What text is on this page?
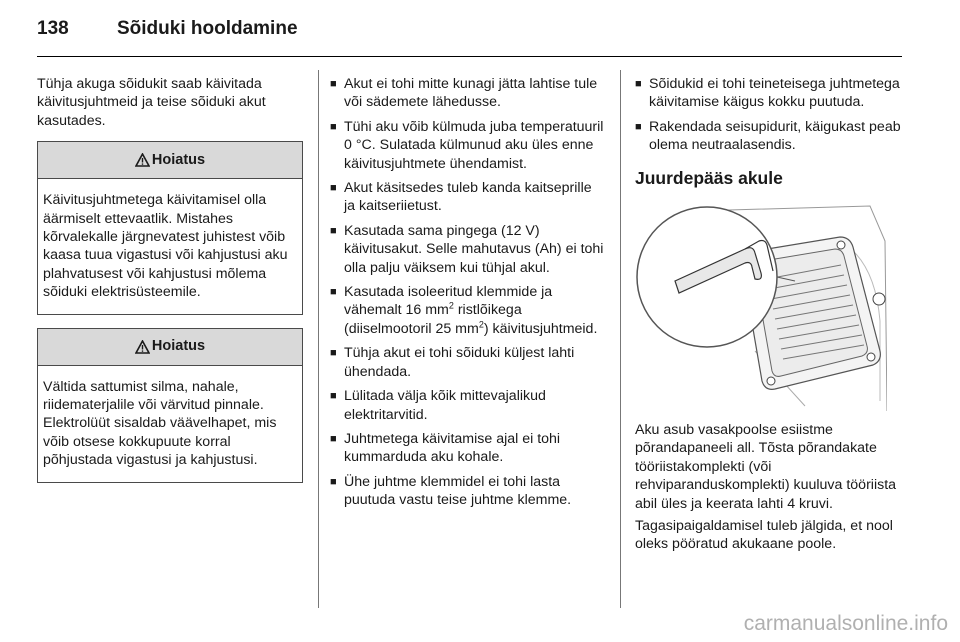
138	Sõiduki hooldamine

Tühja akuga sõidukit saab käivitada käivitusjuhtmeid ja teise sõiduki akut kasutades.

Hoiatus
Käivitusjuhtmetega käivitamisel olla äärmiselt ettevaatlik. Mistahes kõrvalekalle järgnevatest juhistest võib kaasa tuua vigastusi või kahjustusi aku plahvatusest või kahjustusi mõlema sõiduki elektrisüsteemile.
Hoiatus
Vältida sattumist silma, nahale, riidematerjalile või värvitud pinnale. Elektrolüüt sisaldab väävelhapet, mis võib otsese kokkupuute korral põhjustada vigastusi ja kahjustusi.
■ Akut ei tohi mitte kunagi jätta lahtise tule või sädemete lähedusse.
■ Tühi aku võib külmuda juba temperatuuril 0 °C. Sulatada külmunud aku üles enne käivitusjuhtmete ühendamist.
■ Akut käsitsedes tuleb kanda kaitseprille ja kaitseriietust.
■ Kasutada sama pingega (12 V) käivitusakut. Selle mahutavus (Ah) ei tohi olla palju väiksem kui tühjal akul.
■ Kasutada isoleeritud klemmide ja vähemalt 16 $mm^2$ ristlõikega (diiselmootoril 25 $mm^2$) käivitusjuhtmeid.
■ Tühja akut ei tohi sõiduki küljest lahti ühendada.
■ Lülitada välja kõik mittevajalikud elektritarvitid.
■ Juhtmetega käivitamise ajal ei tohi kummarduda aku kohale.
■ Ühe juhtme klemmidel ei tohi lasta puutuda vastu teise juhtme klemme.
■ Sõidukid ei tohi teineteisega juhtmetega käivitamise käigus kokku puutuda.
■ Rakendada seisupidurit, käigukast peab olema neutraalasendis.
Juurdepääs akule

Aku asub vasakpoolse esiistme põrandapaneeli all. Tõsta põrandakate tööriistakomplekti (või rehviparanduskomplekti) kuuluva tööriista abil üles ja keerata lahti 4 kruvi.

Tagasipaigaldamisel tuleb jälgida, et nool oleks pööratud akukaane poole.

carmanualsonline.info
